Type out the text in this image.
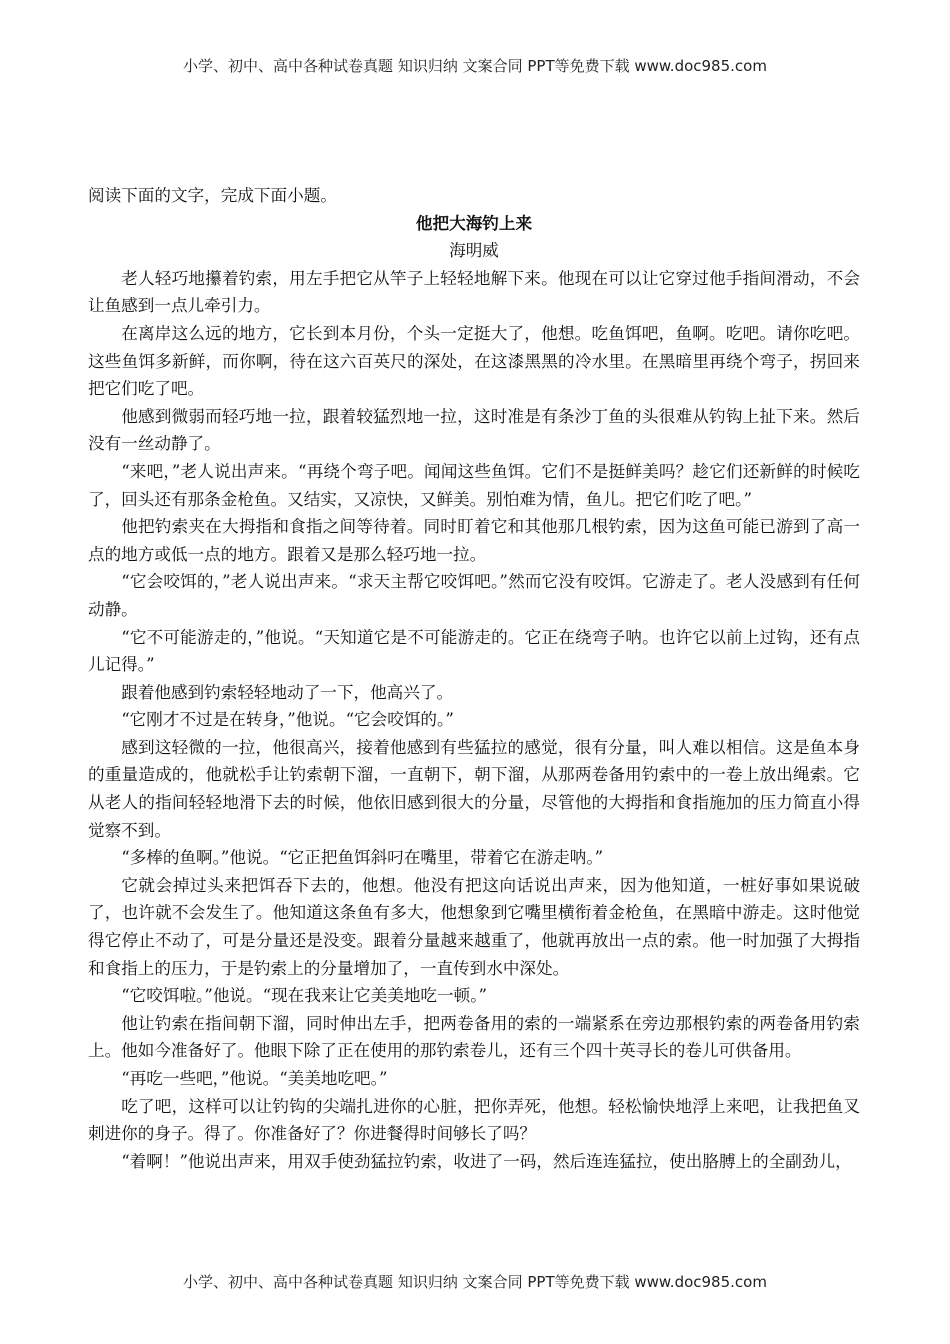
小学、初中、高中各种试卷真题 知识归纳 文案合同 PPT等免费下载 www.doc985.com

阅读下面的文字，完成下面小题。

他把大海钓上来

海明威

老人轻巧地攥着钓索，用左手把它从竿子上轻轻地解下来。他现在可以让它穿过他手指间滑动，不会让鱼感到一点儿牵引力。

在离岸这么远的地方，它长到本月份，个头一定挺大了，他想。吃鱼饵吧，鱼啊。吃吧。请你吃吧。这些鱼饵多新鲜，而你啊，待在这六百英尺的深处，在这漆黑黑的冷水里。在黑暗里再绕个弯子，拐回来把它们吃了吧。

他感到微弱而轻巧地一拉，跟着较猛烈地一拉，这时准是有条沙丁鱼的头很难从钓钩上扯下来。然后没有一丝动静了。

“来吧，”老人说出声来。“再绕个弯子吧。闻闻这些鱼饵。它们不是挺鲜美吗？趁它们还新鲜的时候吃了，回头还有那条金枪鱼。又结实，又凉快，又鲜美。别怕难为情，鱼儿。把它们吃了吧。”

他把钓索夹在大拇指和食指之间等待着。同时盯着它和其他那几根钓索，因为这鱼可能已游到了高一点的地方或低一点的地方。跟着又是那么轻巧地一拉。

“它会咬饵的，”老人说出声来。“求天主帮它咬饵吧。”然而它没有咬饵。它游走了。老人没感到有任何动静。

“它不可能游走的，”他说。“天知道它是不可能游走的。它正在绕弯子呐。也许它以前上过钩，还有点儿记得。”

跟着他感到钓索轻轻地动了一下，他高兴了。

“它刚才不过是在转身，”他说。“它会咬饵的。”

感到这轻微的一拉，他很高兴，接着他感到有些猛拉的感觉，很有分量，叫人难以相信。这是鱼本身的重量造成的，他就松手让钓索朝下溜，一直朝下，朝下溜，从那两卷备用钓索中的一卷上放出绳索。它从老人的指间轻轻地滑下去的时候，他依旧感到很大的分量，尽管他的大拇指和食指施加的压力简直小得觉察不到。

“多棒的鱼啊。”他说。“它正把鱼饵斜叼在嘴里，带着它在游走呐。”

它就会掉过头来把饵吞下去的，他想。他没有把这向话说出声来，因为他知道，一桩好事如果说破了，也许就不会发生了。他知道这条鱼有多大，他想象到它嘴里横衔着金枪鱼，在黑暗中游走。这时他觉得它停止不动了，可是分量还是没变。跟着分量越来越重了，他就再放出一点的索。他一时加强了大拇指和食指上的压力，于是钓索上的分量增加了，一直传到水中深处。

“它咬饵啦。”他说。“现在我来让它美美地吃一顿。”

他让钓索在指间朝下溜，同时伸出左手，把两卷备用的索的一端紧系在旁边那根钓索的两卷备用钓索上。他如今准备好了。他眼下除了正在使用的那钓索卷儿，还有三个四十英寻长的卷儿可供备用。

“再吃一些吧，”他说。“美美地吃吧。”

吃了吧，这样可以让钓钩的尖端扎进你的心脏，把你弄死，他想。轻松愉快地浮上来吧，让我把鱼叉刺进你的身子。得了。你准备好了？你进餐得时间够长了吗？

“着啊！”他说出声来，用双手使劲猛拉钓索，收进了一码，然后连连猛拉，使出胳膊上的全副劲儿，

小学、初中、高中各种试卷真题 知识归纳 文案合同 PPT等免费下载 www.doc985.com
